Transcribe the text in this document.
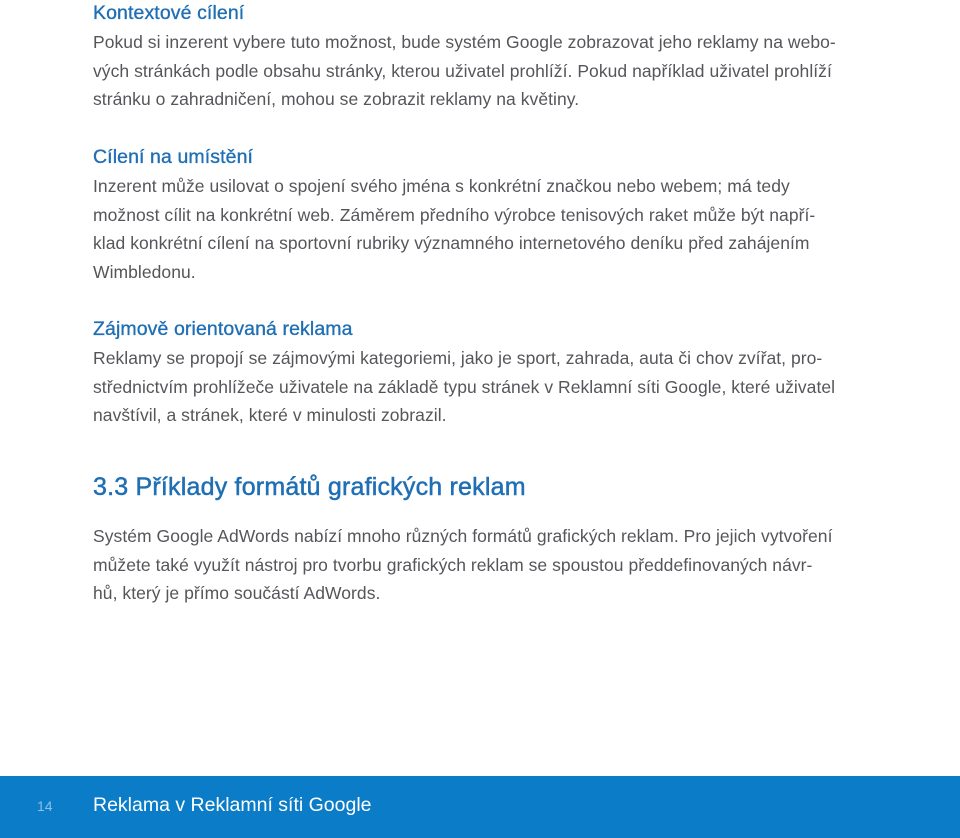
Kontextové cílení
Pokud si inzerent vybere tuto možnost, bude systém Google zobrazovat jeho reklamy na webo-
vých stránkách podle obsahu stránky, kterou uživatel prohlíží. Pokud například uživatel prohlíží
stránku o zahradničení, mohou se zobrazit reklamy na květiny.
Cílení na umístění
Inzerent může usilovat o spojení svého jména s konkrétní značkou nebo webem; má tedy
možnost cílit na konkrétní web. Záměrem předního výrobce tenisových raket může být napří-
klad konkrétní cílení na sportovní rubriky významného internetového deníku před zahájením
Wimbledonu.
Zájmově orientovaná reklama
Reklamy se propojí se zájmovými kategoriemi, jako je sport, zahrada, auta či chov zvířat, pro-
střednictvím prohlížeče uživatele na základě typu stránek v Reklamní síti Google, které uživatel
navštívil, a stránek, které v minulosti zobrazil.
3.3 Příklady formátů grafických reklam
Systém Google AdWords nabízí mnoho různých formátů grafických reklam. Pro jejich vytvoření
můžete také využít nástroj pro tvorbu grafických reklam se spoustou předdefinovaných návr-
hů, který je přímo součástí AdWords.
14 Reklama v Reklamní síti Google
